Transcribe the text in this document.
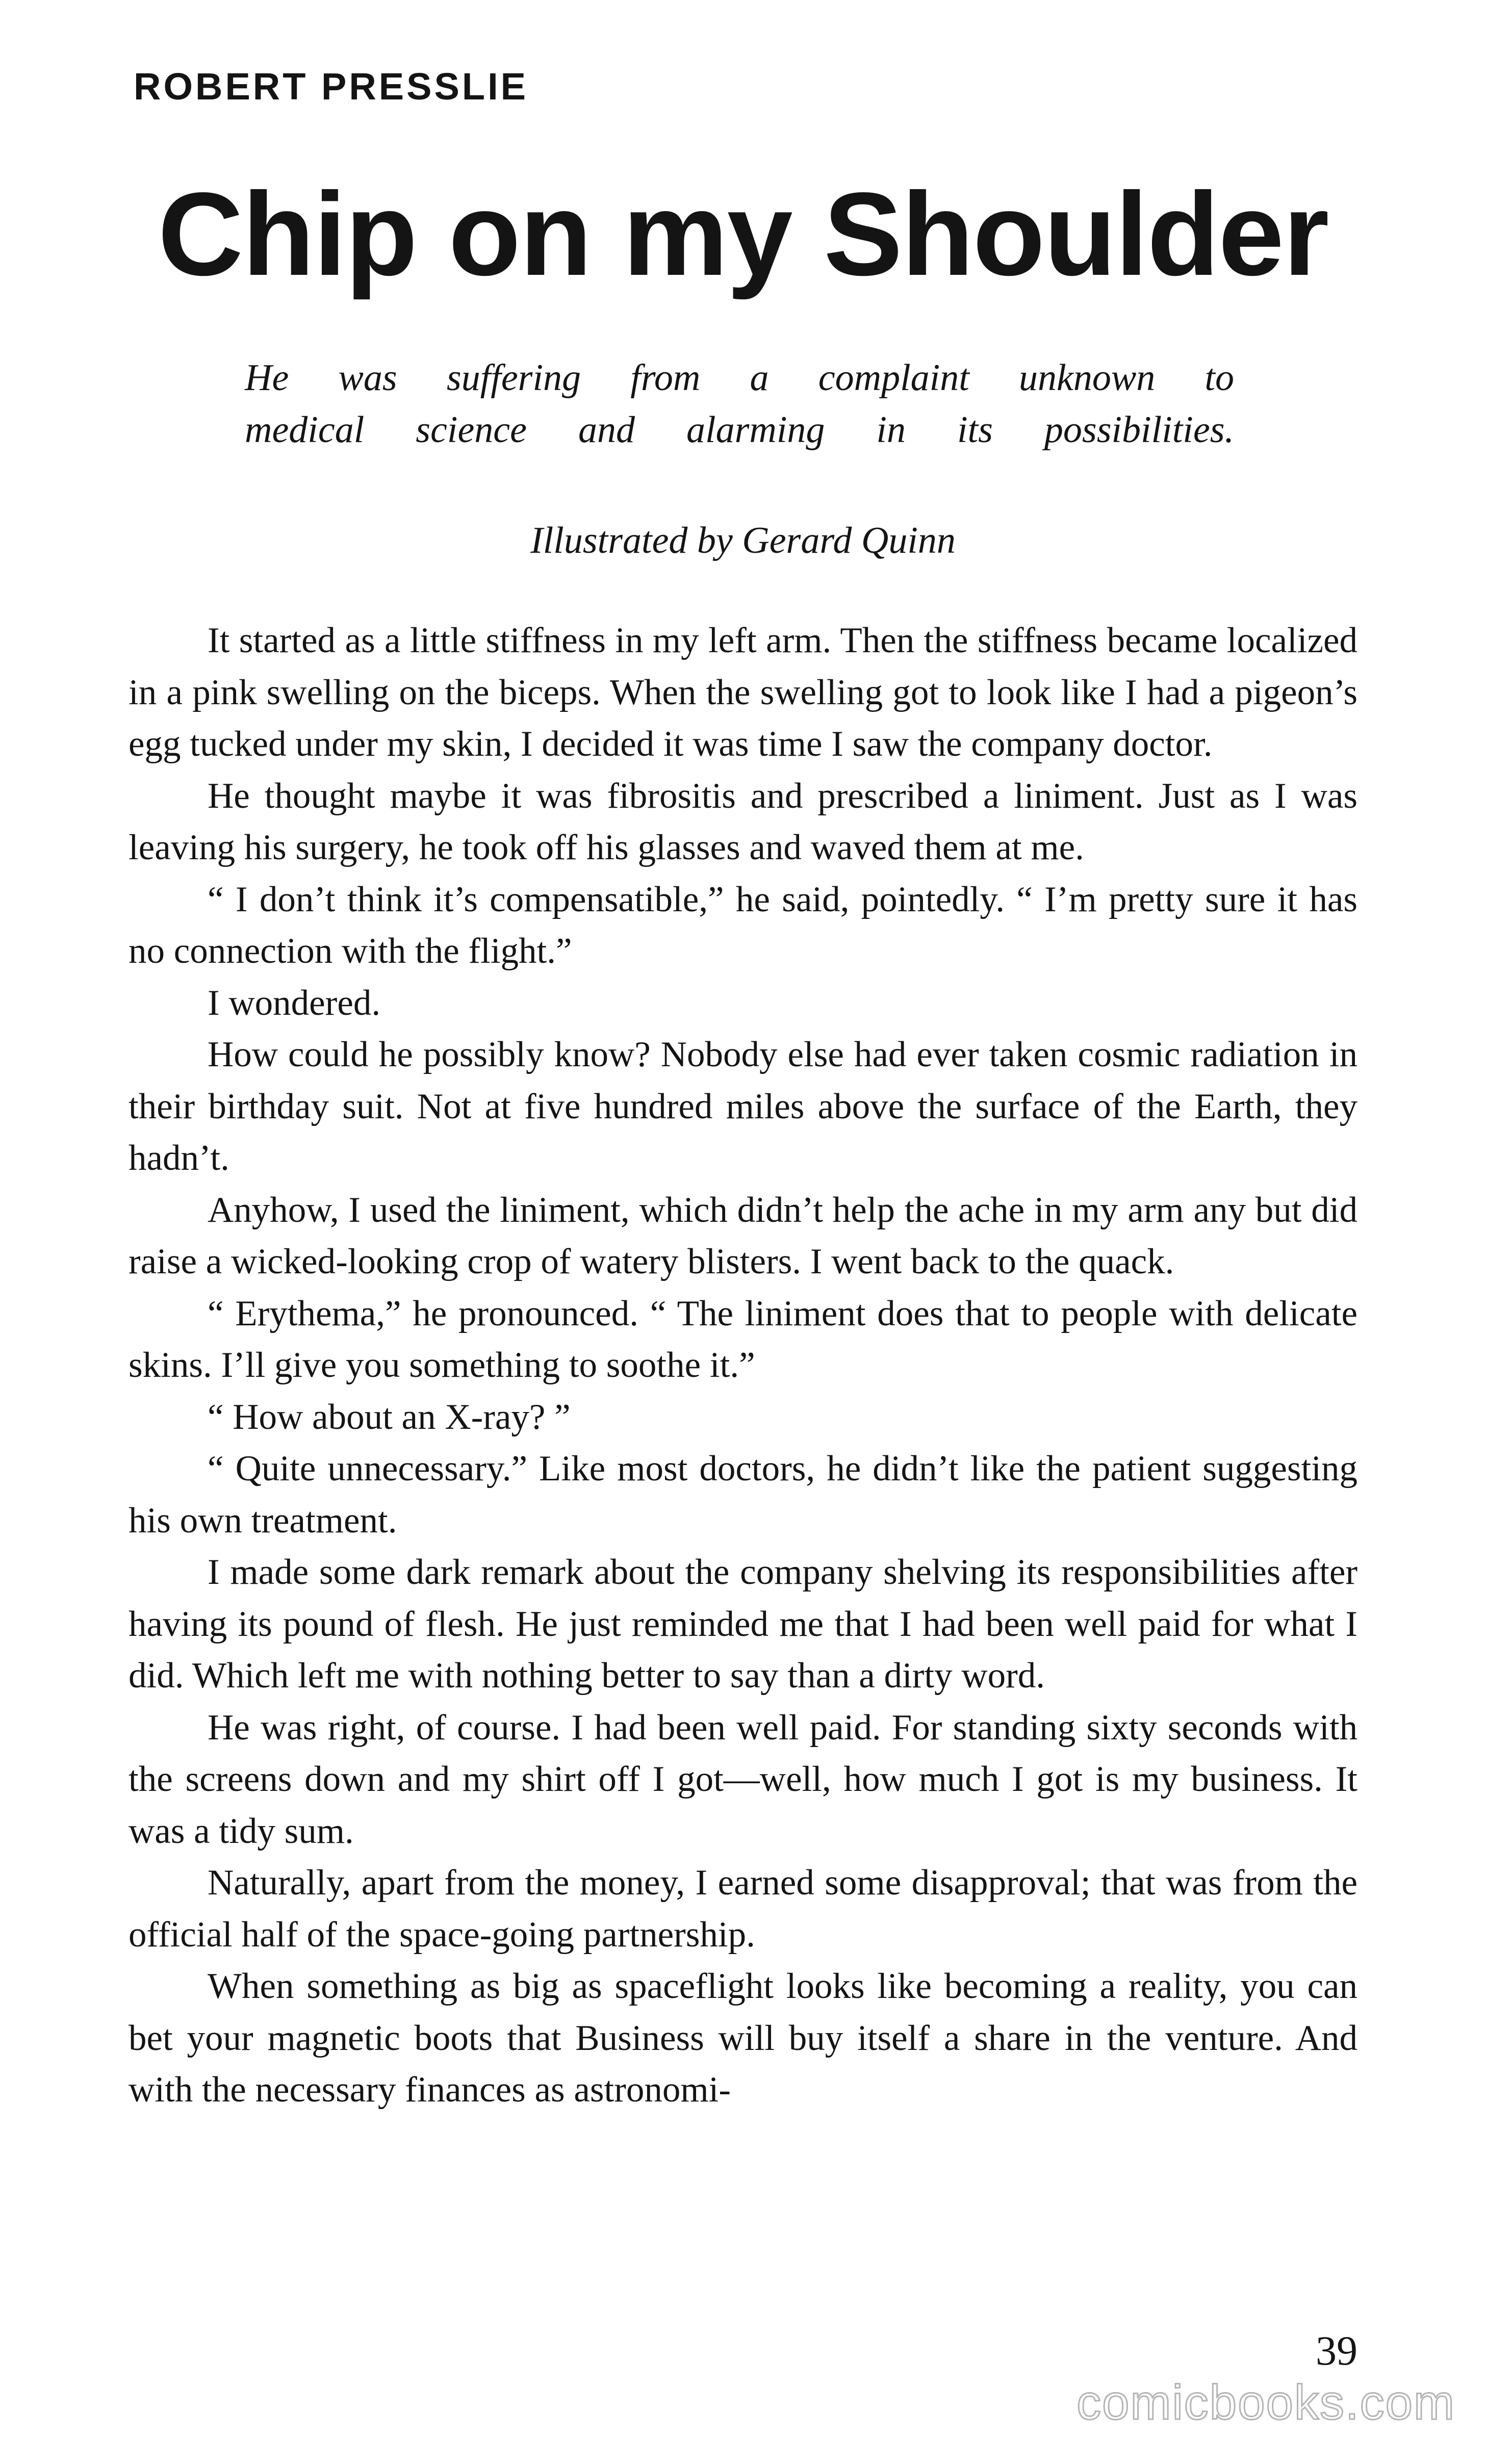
ROBERT PRESSLIE
Chip on my Shoulder

He was suffering from a complaint unknown to
medical science and alarming in its possibilities.

Illustrated by Gerard Quinn

It started as a little stiffness in my left arm. Then the stiffness became localized in a pink swelling on the biceps. When the swelling got to look like I had a pigeon’s egg tucked under my skin, I decided it was time I saw the company doctor.

He thought maybe it was fibrositis and prescribed a liniment. Just as I was leaving his surgery, he took off his glasses and waved them at me.

“ I don’t think it’s compensatible,” he said, pointedly. “ I’m pretty sure it has no connection with the flight.”

I wondered.

How could he possibly know? Nobody else had ever taken cosmic radiation in their birthday suit. Not at five hundred miles above the surface of the Earth, they hadn’t.

Anyhow, I used the liniment, which didn’t help the ache in my arm any but did raise a wicked-looking crop of watery blisters. I went back to the quack.

“ Erythema,” he pronounced. “ The liniment does that to people with delicate skins. I’ll give you something to soothe it.”

“ How about an X-ray? ”

“ Quite unnecessary.” Like most doctors, he didn’t like the patient suggesting his own treatment.

I made some dark remark about the company shelving its responsibilities after having its pound of flesh. He just reminded me that I had been well paid for what I did. Which left me with nothing better to say than a dirty word.

He was right, of course. I had been well paid. For standing sixty seconds with the screens down and my shirt off I got—well, how much I got is my business. It was a tidy sum.

Naturally, apart from the money, I earned some disapproval; that was from the official half of the space-going partnership.

When something as big as spaceflight looks like becoming a reality, you can bet your magnetic boots that Business will buy itself a share in the venture. And with the necessary finances as astronomi-

39

comicbooks.com
